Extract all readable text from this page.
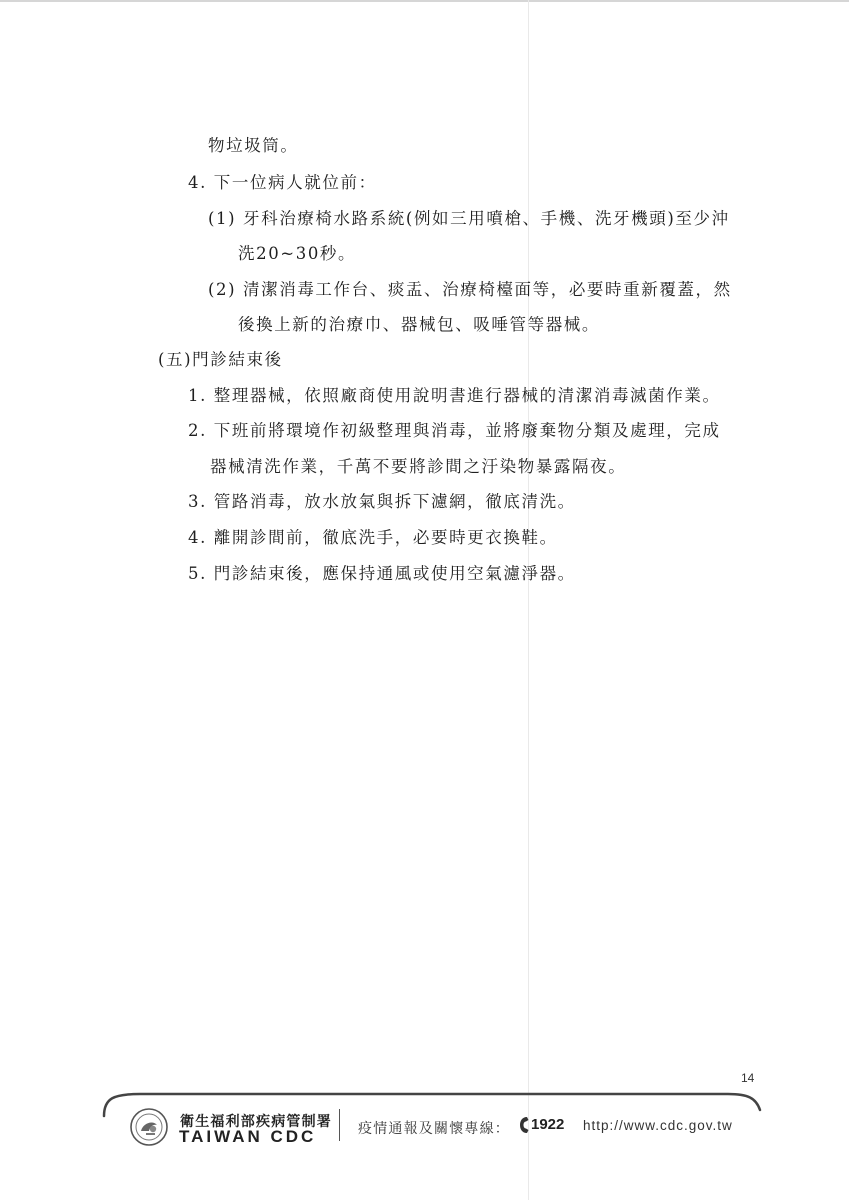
物垃圾筒。
4. 下一位病人就位前：
(1) 牙科治療椅水路系統(例如三用噴槍、手機、洗牙機頭)至少沖
洗20~30秒。
(2) 清潔消毒工作台、痰盂、治療椅檯面等，必要時重新覆蓋，然
後換上新的治療巾、器械包、吸唾管等器械。
(五)門診結束後
1. 整理器械，依照廠商使用說明書進行器械的清潔消毒滅菌作業。
2. 下班前將環境作初級整理與消毒，並將廢棄物分類及處理，完成
器械清洗作業，千萬不要將診間之汙染物暴露隔夜。
3. 管路消毒，放水放氣與拆下濾網，徹底清洗。
4. 離開診間前，徹底洗手，必要時更衣換鞋。
5. 門診結束後，應保持通風或使用空氣濾淨器。
14
衛生福利部疾病管制署
TAIWAN CDC	疫情通報及關懷專線： 1922 http://www.cdc.gov.tw
